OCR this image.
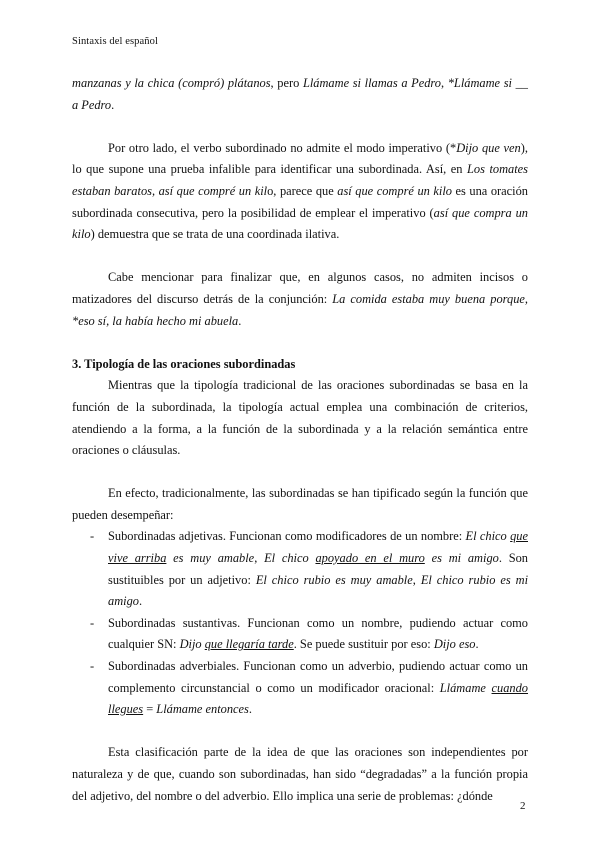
Sintaxis del español

manzanas y la chica (compró) plátanos, pero Llámame si llamas a Pedro, *Llámame si __ a Pedro.

Por otro lado, el verbo subordinado no admite el modo imperativo (*Dijo que ven), lo que supone una prueba infalible para identificar una subordinada. Así, en Los tomates estaban baratos, así que compré un kilo, parece que así que compré un kilo es una oración subordinada consecutiva, pero la posibilidad de emplear el imperativo (así que compra un kilo) demuestra que se trata de una coordinada ilativa.

Cabe mencionar para finalizar que, en algunos casos, no admiten incisos o matizadores del discurso detrás de la conjunción: La comida estaba muy buena porque, *eso sí, la había hecho mi abuela.

3. Tipología de las oraciones subordinadas

Mientras que la tipología tradicional de las oraciones subordinadas se basa en la función de la subordinada, la tipología actual emplea una combinación de criterios, atendiendo a la forma, a la función de la subordinada y a la relación semántica entre oraciones o cláusulas.

En efecto, tradicionalmente, las subordinadas se han tipificado según la función que pueden desempeñar:

- Subordinadas adjetivas. Funcionan como modificadores de un nombre: El chico que vive arriba es muy amable, El chico apoyado en el muro es mi amigo. Son sustituibles por un adjetivo: El chico rubio es muy amable, El chico rubio es mi amigo.
- Subordinadas sustantivas. Funcionan como un nombre, pudiendo actuar como cualquier SN: Dijo que llegaría tarde. Se puede sustituir por eso: Dijo eso.
- Subordinadas adverbiales. Funcionan como un adverbio, pudiendo actuar como un complemento circunstancial o como un modificador oracional: Llámame cuando llegues = Llámame entonces.

Esta clasificación parte de la idea de que las oraciones son independientes por naturaleza y de que, cuando son subordinadas, han sido “degradadas” a la función propia del adjetivo, del nombre o del adverbio. Ello implica una serie de problemas: ¿dónde

2
